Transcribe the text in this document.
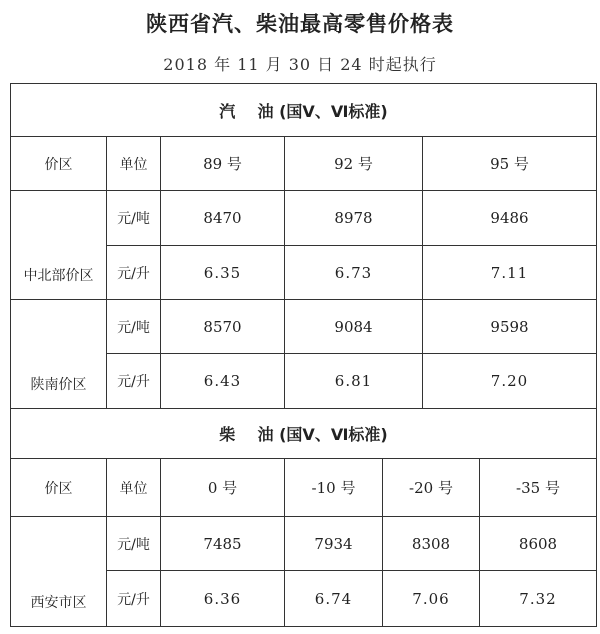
陕西省汽、柴油最高零售价格表
2018 年 11 月 30 日 24 时起执行
汽    油 (国Ⅴ、Ⅵ标准)						
价区	单位	89 号	92 号		95 号	
中北部价区	元/吨	8470	8978		9486	
	元/升	6.35	6.73		7.11	
陕南价区	元/吨	8570	9084		9598	
	元/升	6.43	6.81		7.20	
柴    油 (国Ⅴ、Ⅵ标准)						
价区	单位	0 号	-10 号	-20 号		-35 号
西安市区	元/吨	7485	7934	8308		8608
	元/升	6.36	6.74	7.06		7.32
